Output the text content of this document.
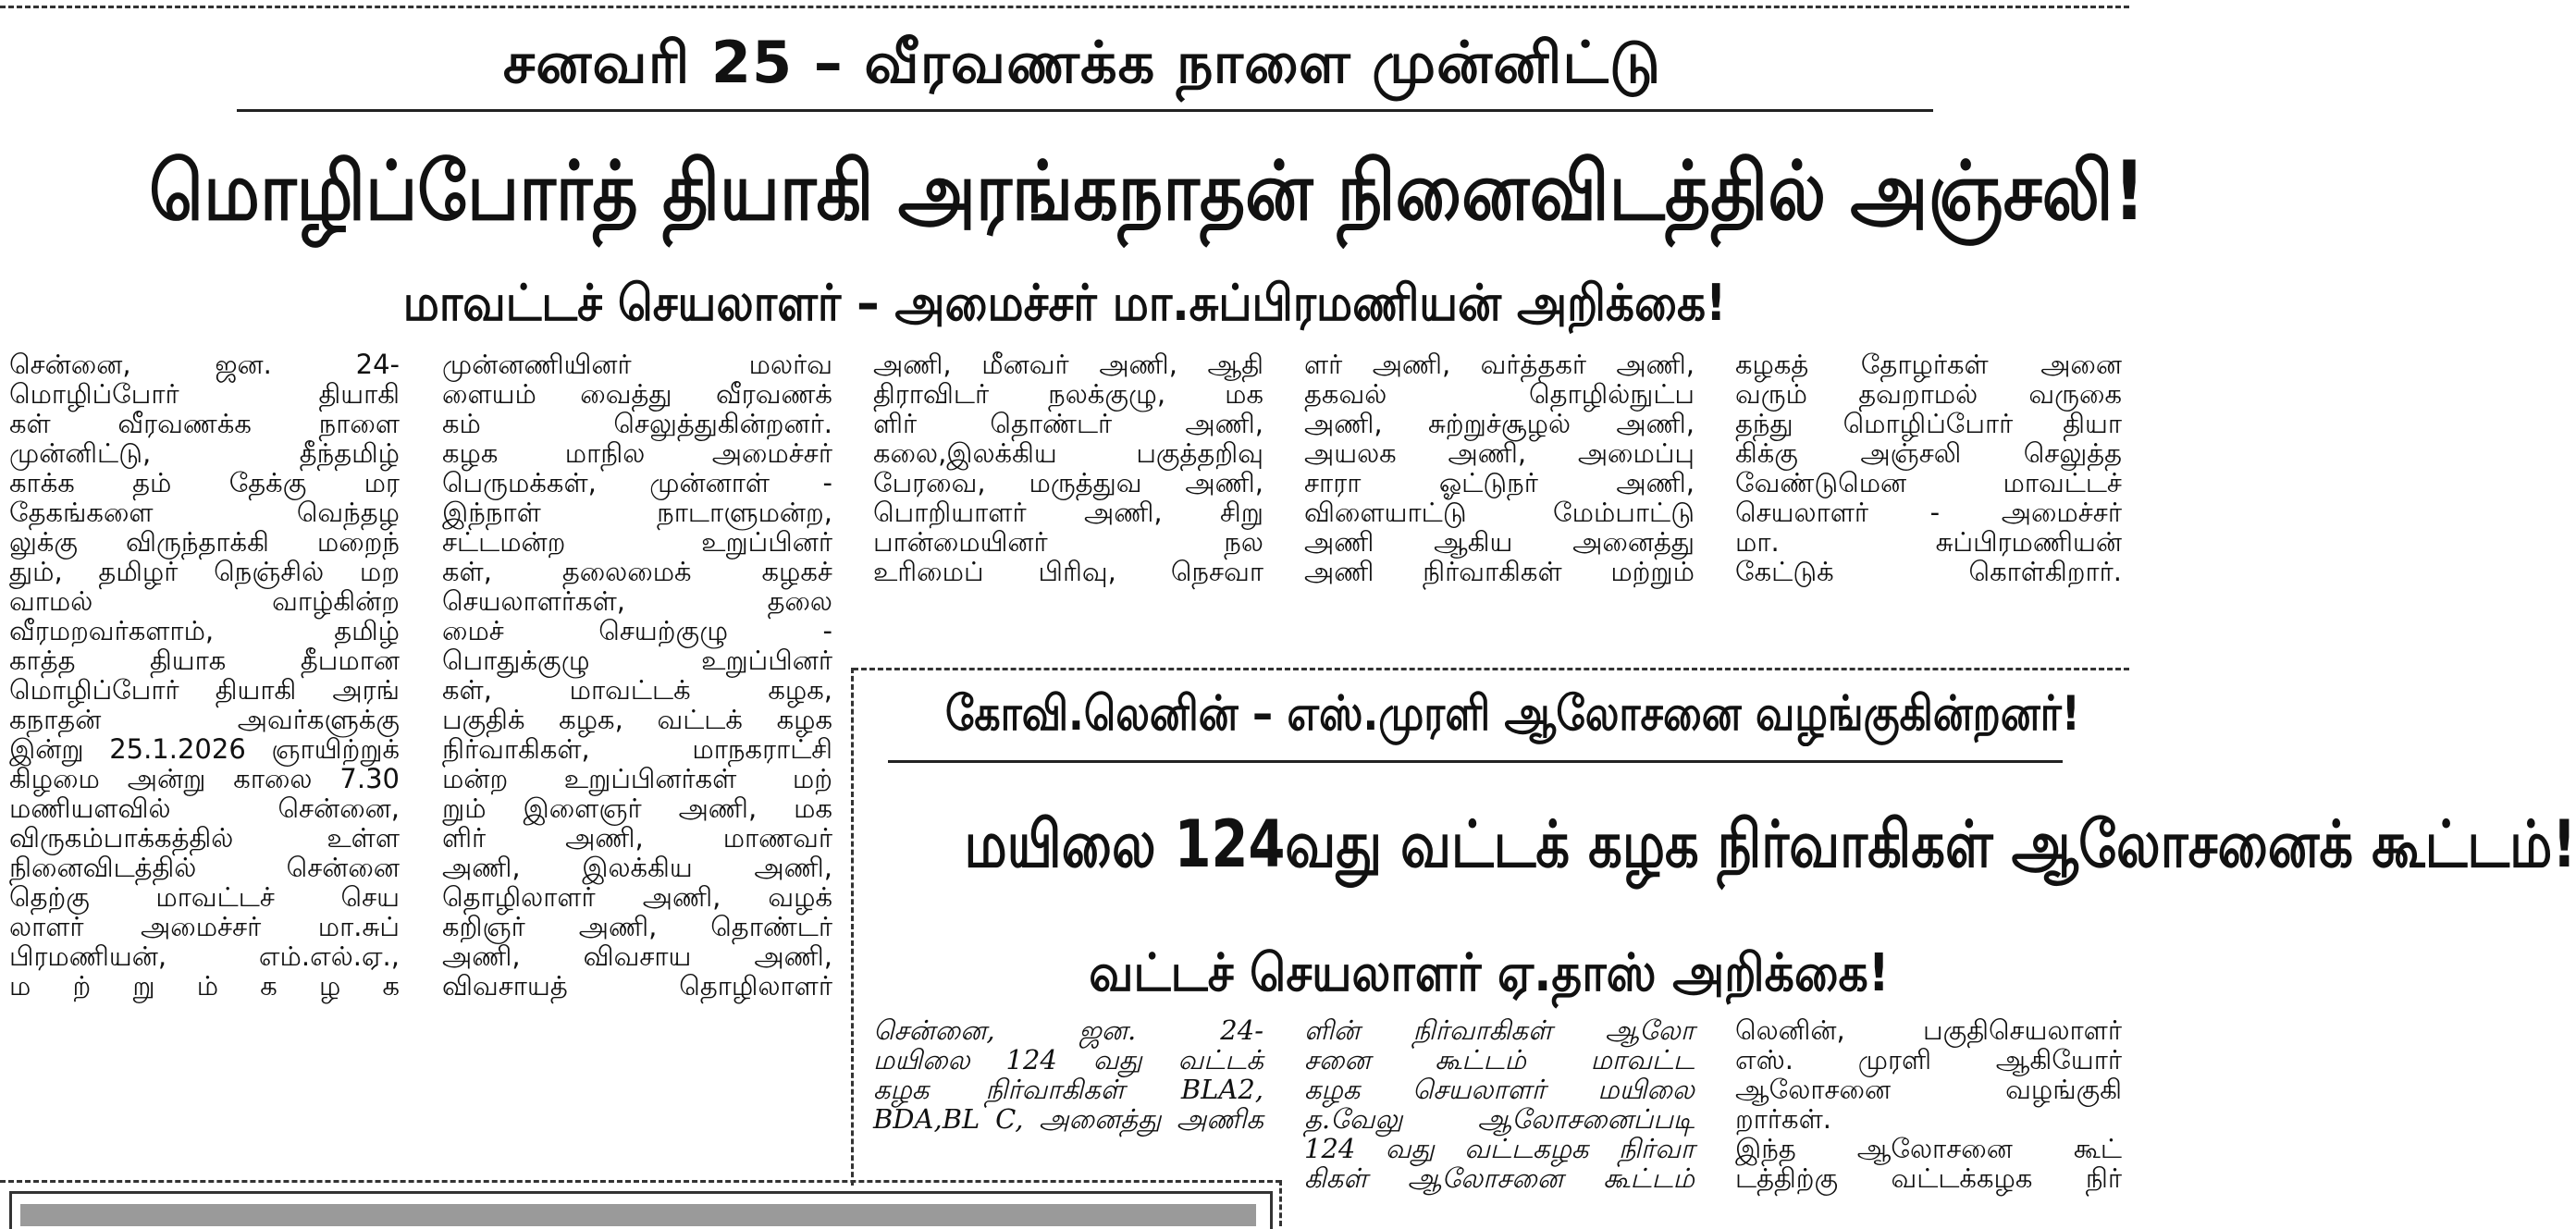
சனவரி 25 – வீரவணக்க நாளை முன்னிட்டு
மொழிப்போர்த் தியாகி அரங்கநாதன் நினைவிடத்தில் அஞ்சலி!
மாவட்டச் செயலாளர் – அமைச்சர் மா.சுப்பிரமணியன் அறிக்கை!
சென்னை, ஜன. 24-
மொழிப்போர் தியாகி
கள் வீரவணக்க நாளை
முன்னிட்டு, தீந்தமிழ்
காக்க தம் தேக்கு மர
தேகங்களை வெந்தழ
லுக்கு விருந்தாக்கி மறைந்
தும், தமிழர் நெஞ்சில் மற
வாமல் வாழ்கின்ற
வீரமறவர்களாம், தமிழ்
காத்த தியாக தீபமான
மொழிப்போர் தியாகி அரங்
கநாதன் அவர்களுக்கு
இன்று 25.1.2026 ஞாயிற்றுக்
கிழமை அன்று காலை 7.30
மணியளவில் சென்னை,
விருகம்பாக்கத்தில் உள்ள
நினைவிடத்தில் சென்னை
தெற்கு மாவட்டச் செய
லாளர் அமைச்சர் மா.சுப்
பிரமணியன், எம்.எல்.ஏ.,
ம ற் று ம் க ழ க
முன்னணியினர் மலர்வ
ளையம் வைத்து வீரவணக்
கம் செலுத்துகின்றனர்.
கழக மாநில அமைச்சர்
பெருமக்கள், முன்னாள் -
இந்நாள் நாடாளுமன்ற,
சட்டமன்ற உறுப்பினர்
கள், தலைமைக் கழகச்
செயலாளர்கள், தலை
மைச் செயற்குழு -
பொதுக்குழு உறுப்பினர்
கள், மாவட்டக் கழக,
பகுதிக் கழக, வட்டக் கழக
நிர்வாகிகள், மாநகராட்சி
மன்ற உறுப்பினர்கள் மற்
றும் இளைஞர் அணி, மக
ளிர் அணி, மாணவர்
அணி, இலக்கிய அணி,
தொழிலாளர் அணி, வழக்
கறிஞர் அணி, தொண்டர்
அணி, விவசாய அணி,
விவசாயத் தொழிலாளர்
அணி, மீனவர் அணி, ஆதி
திராவிடர் நலக்குழு, மக
ளிர் தொண்டர் அணி,
கலை,இலக்கிய பகுத்தறிவு
பேரவை, மருத்துவ அணி,
பொறியாளர் அணி, சிறு
பான்மையினர் நல
உரிமைப் பிரிவு, நெசவா
ளர் அணி, வர்த்தகர் அணி,
தகவல் தொழில்நுட்ப
அணி, சுற்றுச்சூழல் அணி,
அயலக அணி, அமைப்பு
சாரா ஓட்டுநர் அணி,
விளையாட்டு மேம்பாட்டு
அணி ஆகிய அனைத்து
அணி நிர்வாகிகள் மற்றும்
கழகத் தோழர்கள் அனை
வரும் தவறாமல் வருகை
தந்து மொழிப்போர் தியா
கிக்கு அஞ்சலி செலுத்த
வேண்டுமென மாவட்டச்
செயலாளர் - அமைச்சர்
மா. சுப்பிரமணியன்
கேட்டுக் கொள்கிறார்.
கோவி.லெனின் – எஸ்.முரளி ஆலோசனை வழங்குகின்றனர்!
மயிலை 124வது வட்டக் கழக நிர்வாகிகள் ஆலோசனைக் கூட்டம்!
வட்டச் செயலாளர் ஏ.தாஸ் அறிக்கை!
சென்னை, ஜன. 24-
மயிலை 124 வது வட்டக்
கழக நிர்வாகிகள் BLA2,
BDA,BL C, அனைத்து அணிக
ளின் நிர்வாகிகள் ஆலோ
சனை கூட்டம் மாவட்ட
கழக செயலாளர் மயிலை
த.வேலு ஆலோசனைப்படி
124 வது வட்டகழக நிர்வா
கிகள் ஆலோசனை கூட்டம்
லெனின், பகுதிசெயலாளர்
எஸ். முரளி ஆகியோர்
ஆலோசனை வழங்குகி
றார்கள்.
இந்த ஆலோசனை கூட்
டத்திற்கு வட்டக்கழக நிர்
